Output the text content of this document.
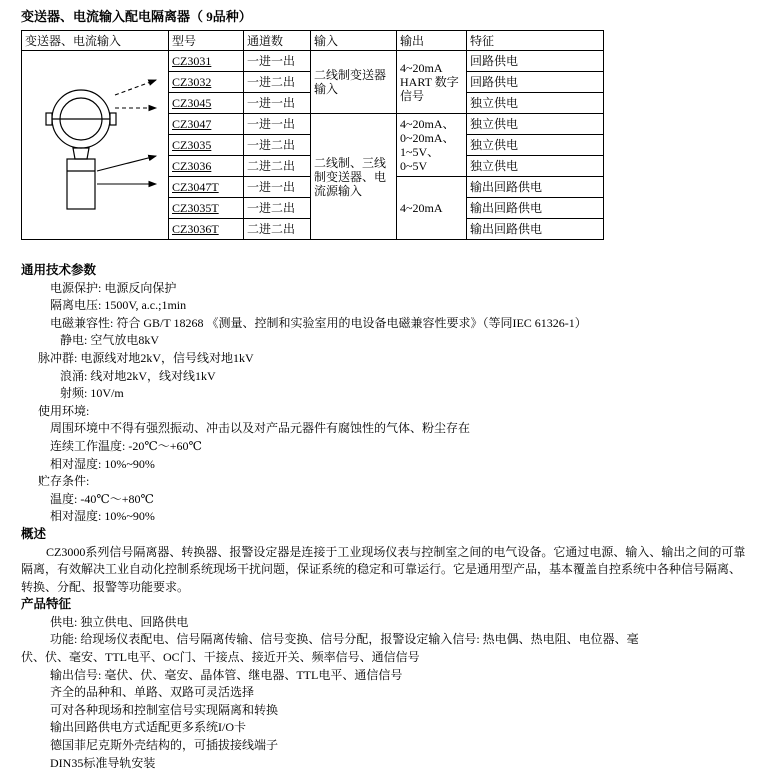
变送器、电流输入配电隔离器（ 9品种）
变送器、电流输入	型号	通道数	输入	输出	特征
	CZ3031	一进一出	二线制变送器输入	4~20mA HART 数字信号	回路供电
	CZ3032	一进二出			回路供电
	CZ3045	一进一出			独立供电
	CZ3047	一进一出	二线制、三线制变送器、电流源输入	4~20mA、0~20mA、1~5V、0~5V	独立供电
	CZ3035	一进二出			独立供电
	CZ3036	二进二出			独立供电
	CZ3047T	一进一出		4~20mA	输出回路供电
	CZ3035T	一进二出			输出回路供电
	CZ3036T	二进二出			输出回路供电
通用技术参数
电源保护: 电源反向保护
隔离电压: 1500V, a.c.;1min
电磁兼容性: 符合 GB/T 18268 《测量、控制和实验室用的电设备电磁兼容性要求》（等同IEC 61326-1）
静电: 空气放电8kV
脉冲群: 电源线对地2kV，信号线对地1kV
浪涌: 线对地2kV，线对线1kV
射频: 10V/m
使用环境:
周围环境中不得有强烈振动、冲击以及对产品元器件有腐蚀性的气体、粉尘存在
连续工作温度: -20℃～+60℃
相对湿度: 10%~90%
贮存条件:
温度: -40℃～+80℃
相对湿度: 10%~90%
概述
CZ3000系列信号隔离器、转换器、报警设定器是连接于工业现场仪表与控制室之间的电气设备。它通过电源、输入、输出之间的可靠隔离，有效解决工业自动化控制系统现场干扰问题，保证系统的稳定和可靠运行。它是通用型产品，基本覆盖自控系统中各种信号隔离、转换、分配、报警等功能要求。
产品特征
供电: 独立供电、回路供电
功能: 给现场仪表配电、信号隔离传输、信号变换、信号分配，报警设定输入信号: 热电偶、热电阻、电位器、毫
伏、伏、毫安、TTL电平、OC门、干接点、接近开关、频率信号、通信信号
输出信号: 毫伏、伏、毫安、晶体管、继电器、TTL电平、通信信号
齐全的品种和、单路、双路可灵活选择
可对各种现场和控制室信号实现隔离和转换
输出回路供电方式适配更多系统I/O卡
德国菲尼克斯外壳结构的，可插拔接线端子
DIN35标准导轨安装
